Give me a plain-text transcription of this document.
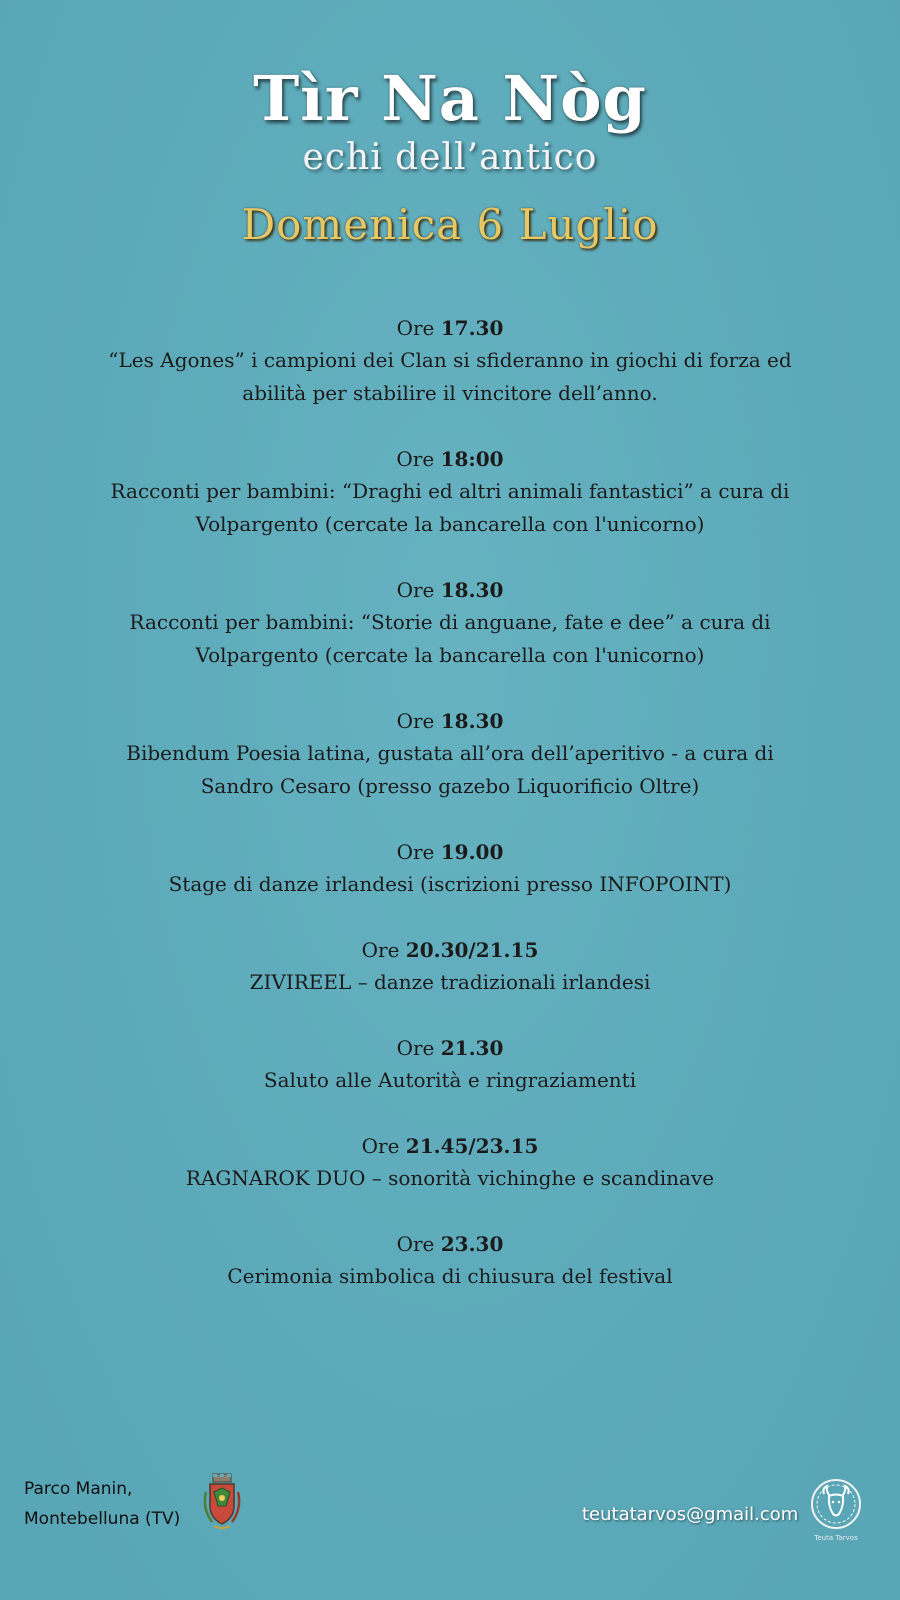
Tìr Na Nòg
echi dell’antico
Domenica 6 Luglio
Ore 17.30
“Les Agones” i campioni dei Clan si sfideranno in giochi di forza ed
abilità per stabilire il vincitore dell’anno.
Ore 18:00
Racconti per bambini: “Draghi ed altri animali fantastici” a cura di
Volpargento (cercate la bancarella con l'unicorno)
Ore 18.30
Racconti per bambini: “Storie di anguane, fate e dee” a cura di
Volpargento (cercate la bancarella con l'unicorno)
Ore 18.30
Bibendum Poesia latina, gustata all’ora dell’aperitivo - a cura di
Sandro Cesaro (presso gazebo Liquorificio Oltre)
Ore 19.00
Stage di danze irlandesi (iscrizioni presso INFOPOINT)
Ore 20.30/21.15
ZIVIREEL – danze tradizionali irlandesi
Ore 21.30
Saluto alle Autorità e ringraziamenti
Ore 21.45/23.15
RAGNAROK DUO – sonorità vichinghe e scandinave
Ore 23.30
Cerimonia simbolica di chiusura del festival
Parco Manin,
Montebelluna (TV)	teutatarvos@gmail.com
Teuta Tarvos
